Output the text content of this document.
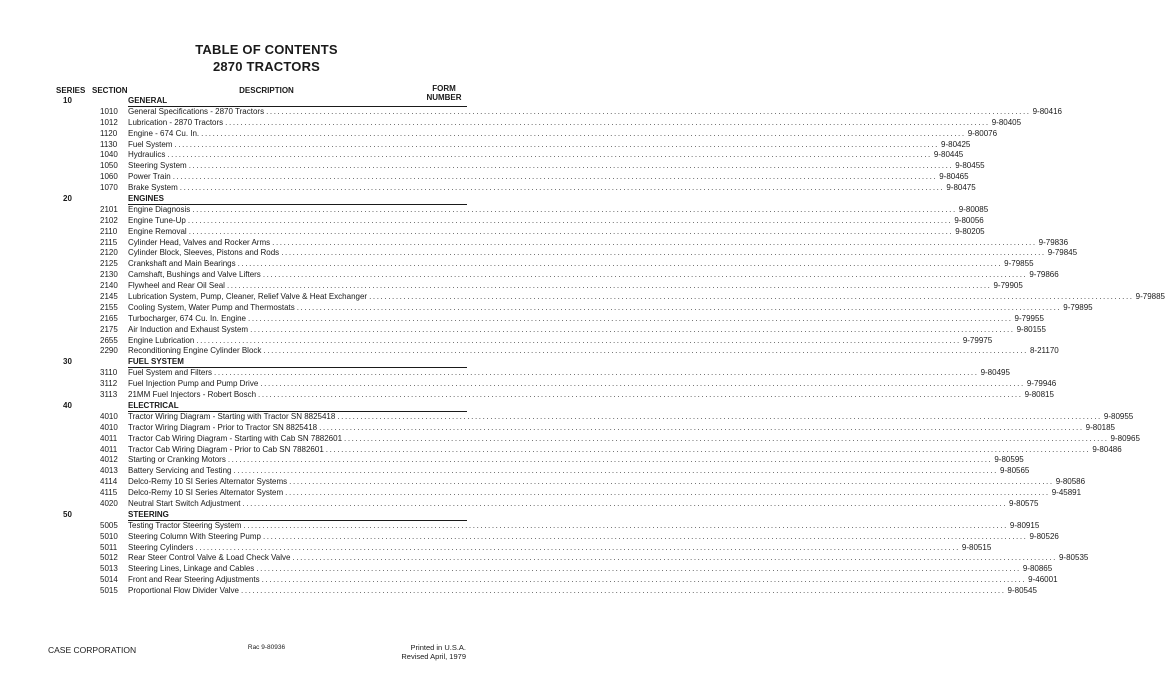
TABLE OF CONTENTS
2870 TRACTORS
SERIES SECTION	DESCRIPTION	FORM
NUMBER
10	GENERAL
1010 General Specifications - 2870 Tractors ........................................................................................................................................................................................................ 9-80416
1012 Lubrication - 2870 Tractors ........................................................................................................................................................................................................ 9-80405
1120 Engine - 674 Cu. In. ........................................................................................................................................................................................................ 9-80076
1130 Fuel System ........................................................................................................................................................................................................ 9-80425
1040 Hydraulics ........................................................................................................................................................................................................ 9-80445
1050 Steering System ........................................................................................................................................................................................................ 9-80455
1060 Power Train ........................................................................................................................................................................................................ 9-80465
1070 Brake System ........................................................................................................................................................................................................ 9-80475
20	ENGINES
2101 Engine Diagnosis ........................................................................................................................................................................................................ 9-80085
2102 Engine Tune-Up ........................................................................................................................................................................................................ 9-80056
2110 Engine Removal ........................................................................................................................................................................................................ 9-80205
2115 Cylinder Head, Valves and Rocker Arms ........................................................................................................................................................................................................ 9-79836
2120 Cylinder Block, Sleeves, Pistons and Rods ........................................................................................................................................................................................................ 9-79845
2125 Crankshaft and Main Bearings ........................................................................................................................................................................................................ 9-79855
2130 Camshaft, Bushings and Valve Lifters ........................................................................................................................................................................................................ 9-79866
2140 Flywheel and Rear Oil Seal ........................................................................................................................................................................................................ 9-79905
2145 Lubrication System, Pump, Cleaner, Relief Valve & Heat Exchanger ........................................................................................................................................................................................................ 9-79885
2155 Cooling System, Water Pump and Thermostats ........................................................................................................................................................................................................ 9-79895
2165 Turbocharger, 674 Cu. In. Engine ........................................................................................................................................................................................................ 9-79955
2175 Air Induction and Exhaust System ........................................................................................................................................................................................................ 9-80155
2655 Engine Lubrication ........................................................................................................................................................................................................ 9-79975
2290 Reconditioning Engine Cylinder Block ........................................................................................................................................................................................................ 8-21170
30	FUEL SYSTEM
3110 Fuel System and Filters ........................................................................................................................................................................................................ 9-80495
3112 Fuel Injection Pump and Pump Drive ........................................................................................................................................................................................................ 9-79946
3113 21MM Fuel Injectors - Robert Bosch ........................................................................................................................................................................................................ 9-80815
40	ELECTRICAL
4010 Tractor Wiring Diagram - Starting with Tractor SN 8825418 ........................................................................................................................................................................................................ 9-80955
4010 Tractor Wiring Diagram - Prior to Tractor SN 8825418 ........................................................................................................................................................................................................ 9-80185
4011 Tractor Cab Wiring Diagram - Starting with Cab SN 7882601 ........................................................................................................................................................................................................ 9-80965
4011 Tractor Cab Wiring Diagram - Prior to Cab SN 7882601 ........................................................................................................................................................................................................ 9-80486
4012 Starting or Cranking Motors ........................................................................................................................................................................................................ 9-80595
4013 Battery Servicing and Testing ........................................................................................................................................................................................................ 9-80565
4114 Delco-Remy 10 SI Series Alternator Systems ........................................................................................................................................................................................................ 9-80586
4115 Delco-Remy 10 SI Series Alternator System ........................................................................................................................................................................................................ 9-45891
4020 Neutral Start Switch Adjustment ........................................................................................................................................................................................................ 9-80575
50	STEERING
5005 Testing Tractor Steering System ........................................................................................................................................................................................................ 9-80915
5010 Steering Column With Steering Pump ........................................................................................................................................................................................................ 9-80526
5011 Steering Cylinders ........................................................................................................................................................................................................ 9-80515
5012 Rear Steer Control Valve & Load Check Valve ........................................................................................................................................................................................................ 9-80535
5013 Steering Lines, Linkage and Cables ........................................................................................................................................................................................................ 9-80865
5014 Front and Rear Steering Adjustments ........................................................................................................................................................................................................ 9-46001
5015 Proportional Flow Divider Valve ........................................................................................................................................................................................................ 9-80545
CASE CORPORATION	Rac 9-80936	Printed in U.S.A.
Revised April, 1979
